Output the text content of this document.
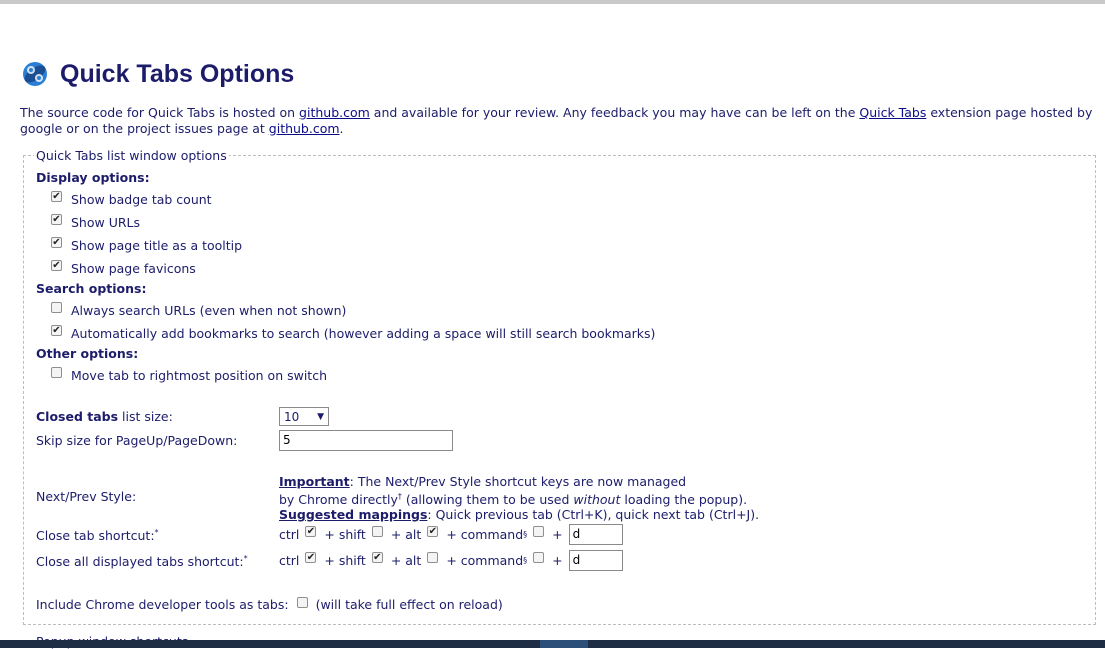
Quick Tabs Options
The source code for Quick Tabs is hosted on github.com and available for your review. Any feedback you may have can be left on the Quick Tabs extension page hosted by google or on the project issues page at github.com.
Quick Tabs list window options
Display options:
✔ Show badge tab count
✔ Show URLs
✔ Show page title as a tooltip
✔ Show page favicons
Search options:
Always search URLs (even when not shown)
✔ Automatically add bookmarks to search (however adding a space will still search bookmarks)
Other options:
Move tab to rightmost position on switch
Closed tabs list size:	10 ▼
Skip size for PageUp/PageDown:	5
Next/Prev Style:
Important: The Next/Prev Style shortcut keys are now managed
by Chrome directly† (allowing them to be used without loading the popup).
Suggested mappings: Quick previous tab (Ctrl+K), quick next tab (Ctrl+J).
Close tab shortcut:*	ctrl ✔ + shift + alt ✔ + command § + d
Close all displayed tabs shortcut:*	ctrl ✔ + shift ✔ + alt + command § + d
Include Chrome developer tools as tabs: (will take full effect on reload)
